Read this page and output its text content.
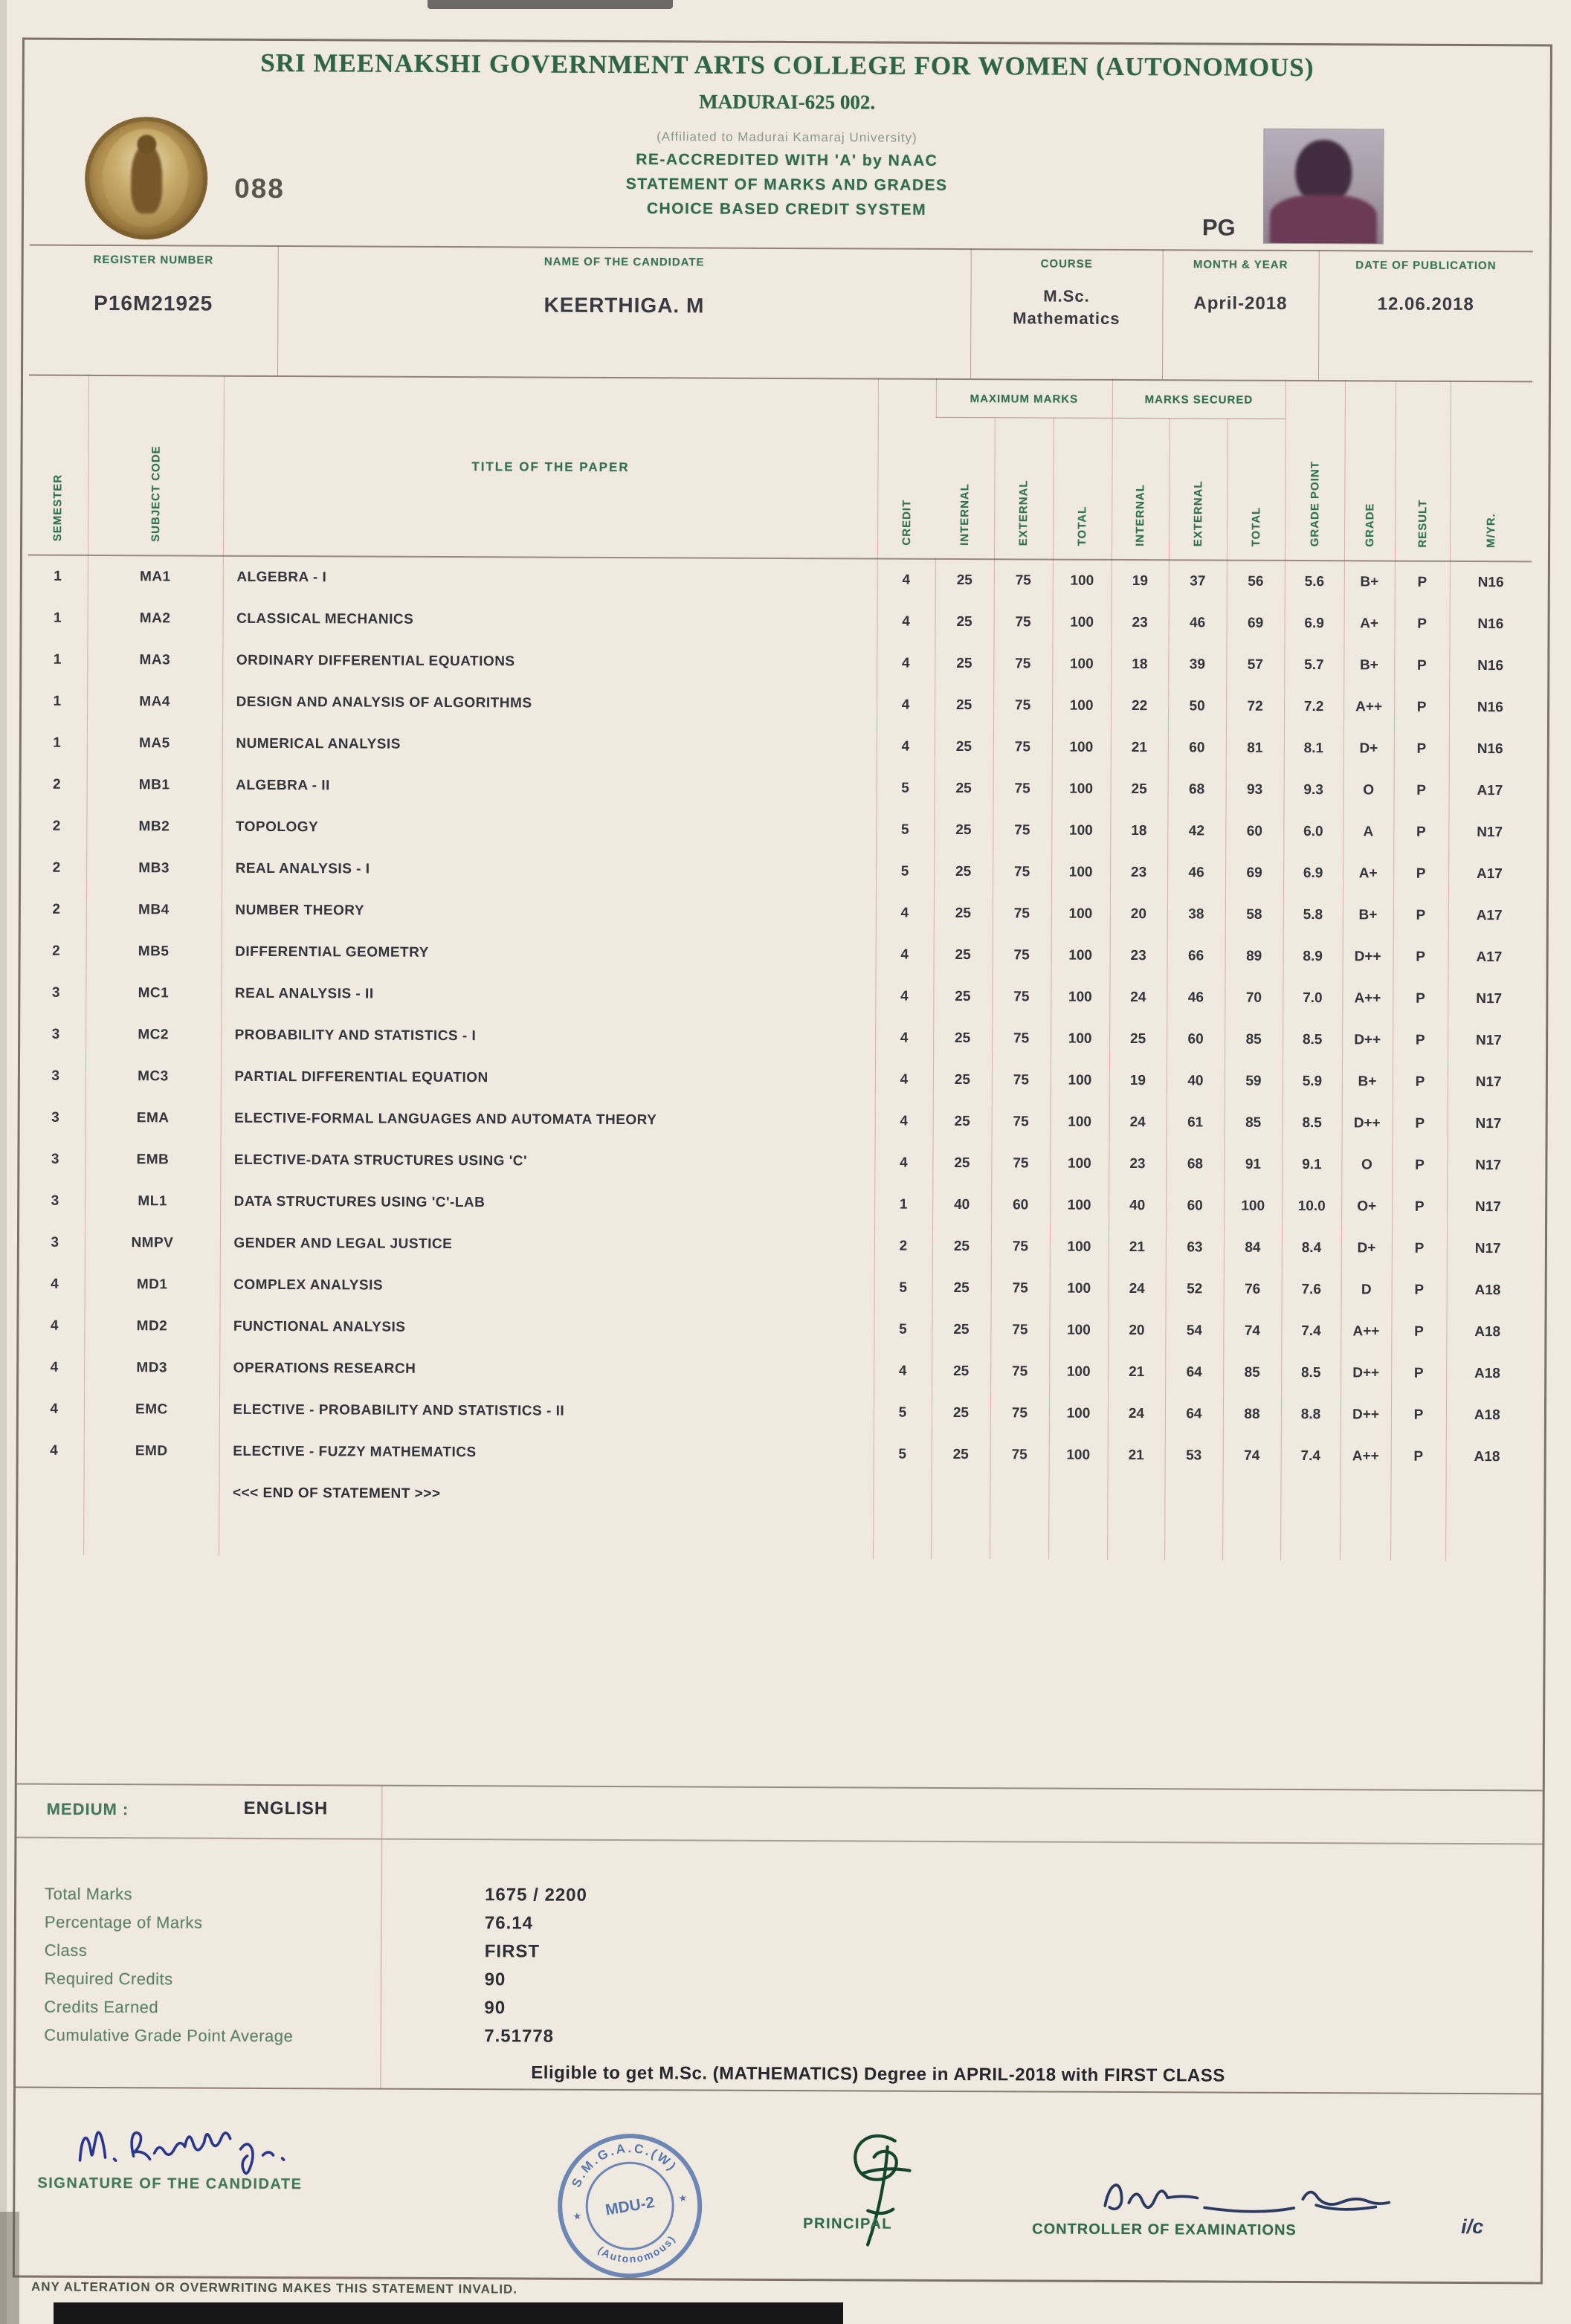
SRI MEENAKSHI GOVERNMENT ARTS COLLEGE FOR WOMEN (AUTONOMOUS)
MADURAI-625 002.
(Affiliated to Madurai Kamaraj University)
RE-ACCREDITED WITH 'A' by NAAC
STATEMENT OF MARKS AND GRADES
CHOICE BASED CREDIT SYSTEM
088
PG
REGISTER NUMBER
P16M21925

NAME OF THE CANDIDATE
KEERTHIGA. M

COURSE
M.Sc.
Mathematics

MONTH & YEAR
April-2018

DATE OF PUBLICATION
12.06.2018
SEMESTER	SUBJECT CODE	TITLE OF THE PAPER	CREDIT	MAXIMUM MARKS			MARKS SECURED			GRADE POINT	GRADE	RESULT	M/YR.
				INTERNAL	EXTERNAL	TOTAL	INTERNAL	EXTERNAL	TOTAL				
1	MA1	ALGEBRA - I	4	25	75	100	19	37	56	5.6	B+	P	N16
1	MA2	CLASSICAL MECHANICS	4	25	75	100	23	46	69	6.9	A+	P	N16
1	MA3	ORDINARY DIFFERENTIAL EQUATIONS	4	25	75	100	18	39	57	5.7	B+	P	N16
1	MA4	DESIGN AND ANALYSIS OF ALGORITHMS	4	25	75	100	22	50	72	7.2	A++	P	N16
1	MA5	NUMERICAL ANALYSIS	4	25	75	100	21	60	81	8.1	D+	P	N16
2	MB1	ALGEBRA - II	5	25	75	100	25	68	93	9.3	O	P	A17
2	MB2	TOPOLOGY	5	25	75	100	18	42	60	6.0	A	P	N17
2	MB3	REAL ANALYSIS - I	5	25	75	100	23	46	69	6.9	A+	P	A17
2	MB4	NUMBER THEORY	4	25	75	100	20	38	58	5.8	B+	P	A17
2	MB5	DIFFERENTIAL GEOMETRY	4	25	75	100	23	66	89	8.9	D++	P	A17
3	MC1	REAL ANALYSIS - II	4	25	75	100	24	46	70	7.0	A++	P	N17
3	MC2	PROBABILITY AND STATISTICS - I	4	25	75	100	25	60	85	8.5	D++	P	N17
3	MC3	PARTIAL DIFFERENTIAL EQUATION	4	25	75	100	19	40	59	5.9	B+	P	N17
3	EMA	ELECTIVE-FORMAL LANGUAGES AND AUTOMATA THEORY	4	25	75	100	24	61	85	8.5	D++	P	N17
3	EMB	ELECTIVE-DATA STRUCTURES USING 'C'	4	25	75	100	23	68	91	9.1	O	P	N17
3	ML1	DATA STRUCTURES USING 'C'-LAB	1	40	60	100	40	60	100	10.0	O+	P	N17
3	NMPV	GENDER AND LEGAL JUSTICE	2	25	75	100	21	63	84	8.4	D+	P	N17
4	MD1	COMPLEX ANALYSIS	5	25	75	100	24	52	76	7.6	D	P	A18
4	MD2	FUNCTIONAL ANALYSIS	5	25	75	100	20	54	74	7.4	A++	P	A18
4	MD3	OPERATIONS RESEARCH	4	25	75	100	21	64	85	8.5	D++	P	A18
4	EMC	ELECTIVE - PROBABILITY AND STATISTICS - II	5	25	75	100	24	64	88	8.8	D++	P	A18
4	EMD	ELECTIVE - FUZZY MATHEMATICS	5	25	75	100	21	53	74	7.4	A++	P	A18
		<<< END OF STATEMENT >>>											

MEDIUM :	ENGLISH
Total Marks	1675 / 2200
Percentage of Marks	76.14
Class	FIRST
Required Credits	90
Credits Earned	90
Cumulative Grade Point Average	7.51778
Eligible to get M.Sc. (MATHEMATICS) Degree in APRIL-2018 with FIRST CLASS
SIGNATURE OF THE CANDIDATE	S.M.G.A.C.(W)
(Autonomous)
MDU-2
★
★
PRINCIPAL	CONTROLLER OF EXAMINATIONS	i/c
ANY ALTERATION OR OVERWRITING MAKES THIS STATEMENT INVALID.
